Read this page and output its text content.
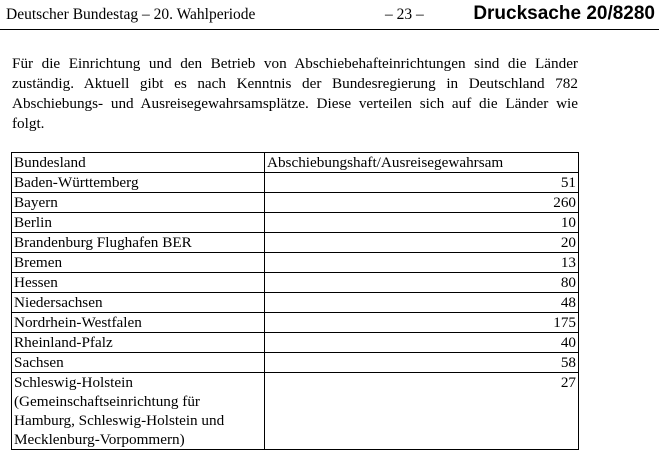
Deutscher Bundestag – 20. Wahlperiode	– 23 –	Drucksache 20/8280

Für die Einrichtung und den Betrieb von Abschiebehafteinrichtungen sind die Länder zuständig. Aktuell gibt es nach Kenntnis der Bundesregierung in Deutschland 782 Abschiebungs- und Ausreisegewahrsamsplätze. Diese verteilen sich auf die Länder wie folgt.

Bundesland	Abschiebungshaft/Ausreisegewahrsam
Baden-Württemberg	51
Bayern	260
Berlin	10
Brandenburg Flughafen BER	20
Bremen	13
Hessen	80
Niedersachsen	48
Nordrhein-Westfalen	175
Rheinland-Pfalz	40
Sachsen	58
Schleswig-Holstein (Gemeinschaftseinrichtung für Hamburg, Schleswig-Holstein und Mecklenburg-Vorpommern)	27
